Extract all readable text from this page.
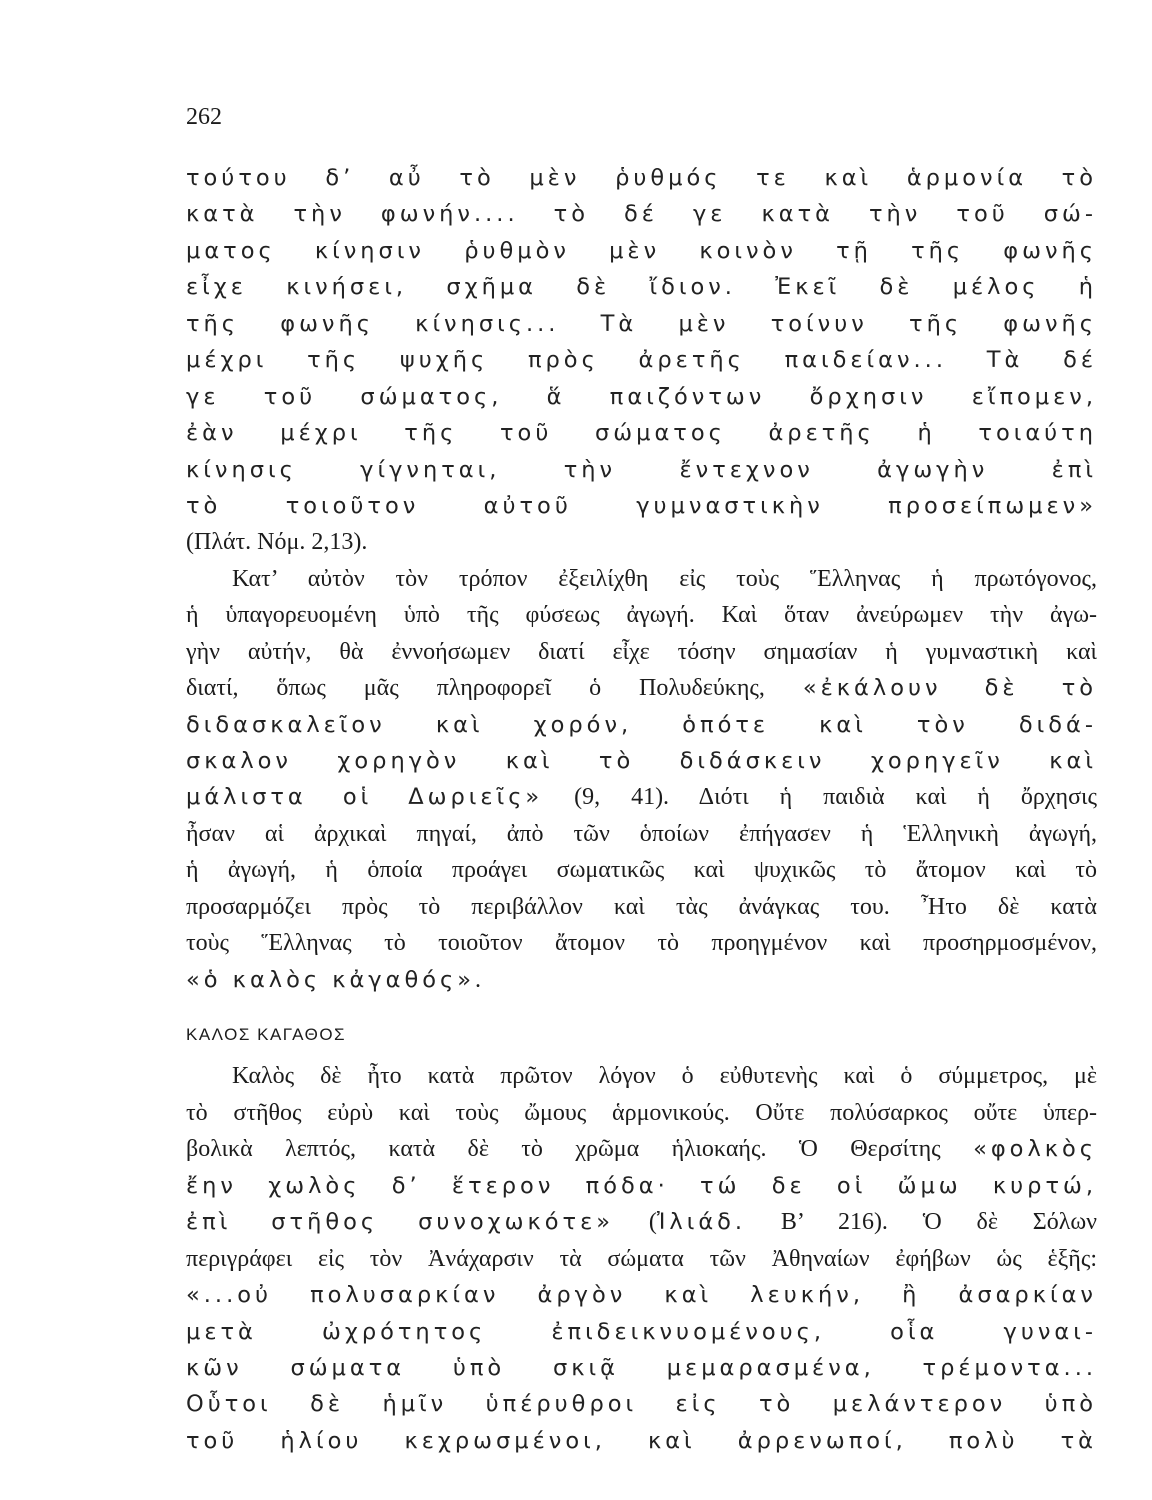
262
τούτου δ’ αὖ τὸ μὲν ῥυθμός τε καὶ ἁρμονία τὸ
κατὰ τὴν φωνήν.... τὸ δέ γε κατὰ τὴν τοῦ σώ-
ματος κίνησιν ῥυθμὸν μὲν κοινὸν τῇ τῆς φωνῆς
εἶχε κινήσει, σχῆμα δὲ ἴδιον. Ἐκεῖ δὲ μέλος ἡ
τῆς φωνῆς κίνησις... Τὰ μὲν τοίνυν τῆς φωνῆς
μέχρι τῆς ψυχῆς πρὸς ἀρετῆς παιδείαν... Τὰ δέ
γε τοῦ σώματος, ἅ παιζόντων ὄρχησιν εἴπομεν,
ἐὰν μέχρι τῆς τοῦ σώματος ἀρετῆς ἡ τοιαύτη
κίνησις γίγνηται, τὴν ἔντεχνον ἀγωγὴν ἐπὶ
τὸ τοιοῦτον αὐτοῦ γυμναστικὴν προσείπωμεν»
(Πλάτ. Νόμ. 2,13).
Κατ’ αὐτὸν τὸν τρόπον ἐξειλίχθη εἰς τοὺς Ἕλληνας ἡ πρωτόγονος,
ἡ ὑπαγορευομένη ὑπὸ τῆς φύσεως ἀγωγή. Καὶ ὅταν ἀνεύρωμεν τὴν ἀγω-
γὴν αὐτήν, θὰ ἐννοήσωμεν διατί εἶχε τόσην σημασίαν ἡ γυμναστικὴ καὶ
διατί, ὅπως μᾶς πληροφορεῖ ὁ Πολυδεύκης, «ἐκάλουν δὲ τὸ
διδασκαλεῖον καὶ χορόν, ὁπότε καὶ τὸν διδά-
σκαλον χορηγὸν καὶ τὸ διδάσκειν χορηγεῖν καὶ
μάλιστα οἱ Δωριεῖς» (9, 41). Διότι ἡ παιδιὰ καὶ ἡ ὄρχησις
ἦσαν αἱ ἀρχικαὶ πηγαί, ἀπὸ τῶν ὁποίων ἐπήγασεν ἡ Ἑλληνικὴ ἀγωγή,
ἡ ἀγωγή, ἡ ὁποία προάγει σωματικῶς καὶ ψυχικῶς τὸ ἄτομον καὶ τὸ
προσαρμόζει πρὸς τὸ περιβάλλον καὶ τὰς ἀνάγκας του. Ἦτο δὲ κατὰ
τοὺς Ἕλληνας τὸ τοιοῦτον ἄτομον τὸ προηγμένον καὶ προσηρμοσμένον,
«ὁ καλὸς κἀγαθός».
ΚΑΛΟΣ ΚΑΓΑΘΟΣ
Καλὸς δὲ ἦτο κατὰ πρῶτον λόγον ὁ εὐθυτενὴς καὶ ὁ σύμμετρος, μὲ
τὸ στῆθος εὐρὺ καὶ τοὺς ὤμους ἁρμονικούς. Οὔτε πολύσαρκος οὔτε ὑπερ-
βολικὰ λεπτός, κατὰ δὲ τὸ χρῶμα ἡλιοκαής. Ὁ Θερσίτης «φολκὸς
ἔην χωλὸς δ’ ἕτερον πόδα· τώ δε οἱ ὤμω κυρτώ,
ἐπὶ στῆθος συνοχωκότε» (Ἰλιάδ. Β’ 216). Ὁ δὲ Σόλων
περιγράφει εἰς τὸν Ἀνάχαρσιν τὰ σώματα τῶν Ἀθηναίων ἐφήβων ὡς ἑξῆς:
«...οὐ πολυσαρκίαν ἀργὸν καὶ λευκήν, ἢ ἀσαρκίαν
μετὰ ὠχρότητος ἐπιδεικνυομένους, οἷα γυναι-
κῶν σώματα ὑπὸ σκιᾷ μεμαρασμένα, τρέμοντα...
Οὗτοι δὲ ἡμῖν ὑπέρυθροι εἰς τὸ μελάντερον ὑπὸ
τοῦ ἡλίου κεχρωσμένοι, καὶ ἀρρενωποί, πολὺ τὰ
